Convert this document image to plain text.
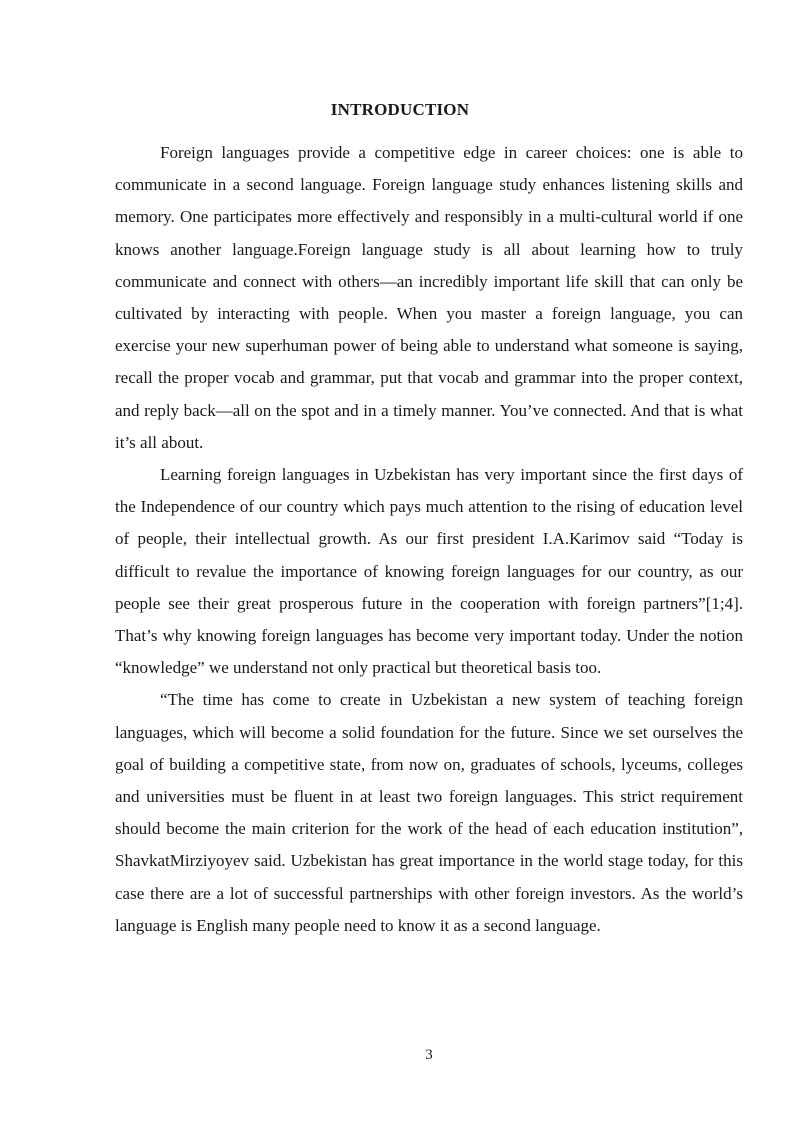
INTRODUCTION

Foreign languages provide a competitive edge in career choices: one is able to communicate in a second language. Foreign language study enhances listening skills and memory. One participates more effectively and responsibly in a multi-cultural world if one knows another language.Foreign language study is all about learning how to truly communicate and connect with others—an incredibly important life skill that can only be cultivated by interacting with people. When you master a foreign language, you can exercise your new superhuman power of being able to understand what someone is saying, recall the proper vocab and grammar, put that vocab and grammar into the proper context, and reply back—all on the spot and in a timely manner. You’ve connected. And that is what it’s all about.

Learning foreign languages in Uzbekistan has very important since the first days of the Independence of our country which pays much attention to the rising of education level of people, their intellectual growth. As our first president I.A.Karimov said “Today is difficult to revalue the importance of knowing foreign languages for our country, as our people see their great prosperous future in the cooperation with foreign partners”[1;4]. That’s why knowing foreign languages has become very important today. Under the notion “knowledge” we understand not only practical but theoretical basis too.

“The time has come to create in Uzbekistan a new system of teaching foreign languages, which will become a solid foundation for the future. Since we set ourselves the goal of building a competitive state, from now on, graduates of schools, lyceums, colleges and universities must be fluent in at least two foreign languages. This strict requirement should become the main criterion for the work of the head of each education institution”, ShavkatMirziyoyev said. Uzbekistan has great importance in the world stage today, for this case there are a lot of successful partnerships with other foreign investors. As the world’s language is English many people need to know it as a second language.

3
